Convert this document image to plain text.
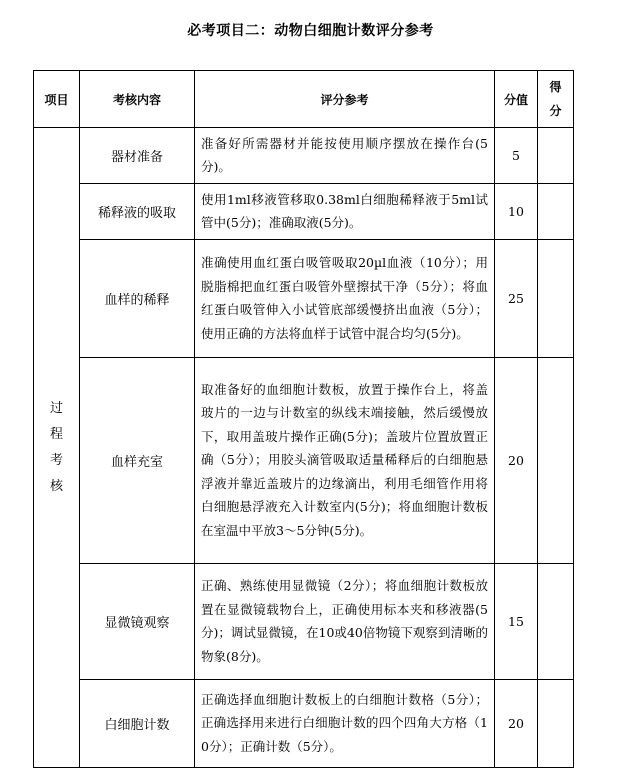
必考项目二：动物白细胞计数评分参考
项目	考核内容	评分参考	分值	得
分

过
程
考
核	器材准备	准备好所需器材并能按使用顺序摆放在操作台(5分)。	5	
	稀释液的吸取	使用1ml移液管移取0.38ml白细胞稀释液于5ml试管中(5分)；准确取液(5分)。	10	
	血样的稀释	准确使用血红蛋白吸管吸取20µl血液（10分）；用脱脂棉把血红蛋白吸管外壁擦拭干净（5分）；将血红蛋白吸管伸入小试管底部缓慢挤出血液（5分）；使用正确的方法将血样于试管中混合均匀(5分)。	25	
	血样充室	取准备好的血细胞计数板，放置于操作台上，将盖玻片的一边与计数室的纵线末端接触，然后缓慢放下，取用盖玻片操作正确(5分)；盖玻片位置放置正确（5分）；用胶头滴管吸取适量稀释后的白细胞悬浮液并靠近盖玻片的边缘滴出，利用毛细管作用将白细胞悬浮液充入计数室内(5分)；将血细胞计数板在室温中平放3～5分钟(5分)。	20	
	显微镜观察	正确、熟练使用显微镜（2分）；将血细胞计数板放置在显微镜载物台上，正确使用标本夹和移液器(5分)；调试显微镜，在10或40倍物镜下观察到清晰的物象(8分)。	15	
	白细胞计数	正确选择血细胞计数板上的白细胞计数格（5分）；正确选择用来进行白细胞计数的四个四角大方格（10分）；正确计数（5分）。	20	
